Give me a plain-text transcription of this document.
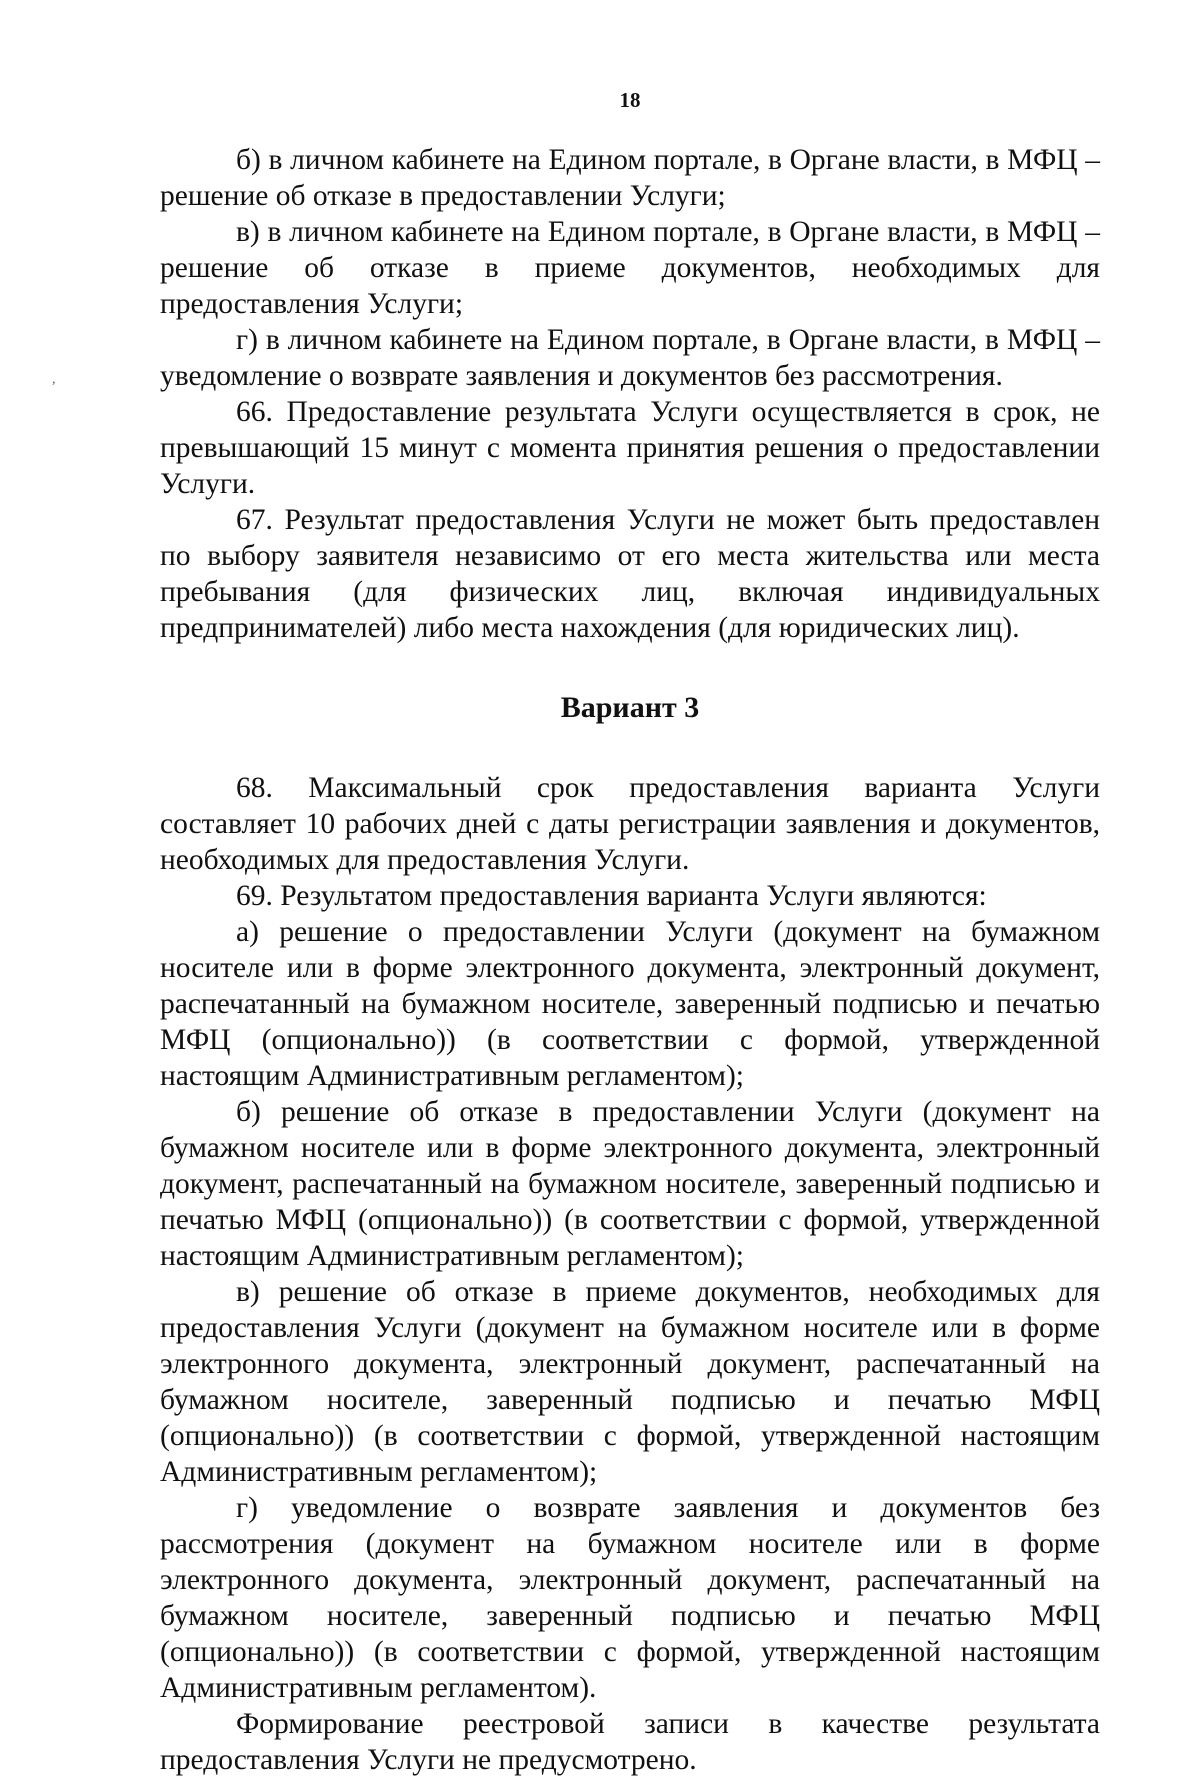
,
18

б) в личном кабинете на Едином портале, в Органе власти, в МФЦ – решение об отказе в предоставлении Услуги;

в) в личном кабинете на Едином портале, в Органе власти, в МФЦ – решение об отказе в приеме документов, необходимых для предоставления Услуги;

г) в личном кабинете на Едином портале, в Органе власти, в МФЦ – уведомление о возврате заявления и документов без рассмотрения.

66. Предоставление результата Услуги осуществляется в срок, не превышающий 15 минут с момента принятия решения о предоставлении Услуги.

67. Результат предоставления Услуги не может быть предоставлен по выбору заявителя независимо от его места жительства или места пребывания (для физических лиц, включая индивидуальных предпринимателей) либо места нахождения (для юридических лиц).

Вариант 3

68. Максимальный срок предоставления варианта Услуги составляет 10 рабочих дней с даты регистрации заявления и документов, необходимых для предоставления Услуги.

69. Результатом предоставления варианта Услуги являются:

а) решение о предоставлении Услуги (документ на бумажном носителе или в форме электронного документа, электронный документ, распечатанный на бумажном носителе, заверенный подписью и печатью МФЦ (опционально)) (в соответствии с формой, утвержденной настоящим Административным регламентом);

б) решение об отказе в предоставлении Услуги (документ на бумажном носителе или в форме электронного документа, электронный документ, распечатанный на бумажном носителе, заверенный подписью и печатью МФЦ (опционально)) (в соответствии с формой, утвержденной настоящим Административным регламентом);

в) решение об отказе в приеме документов, необходимых для предоставления Услуги (документ на бумажном носителе или в форме электронного документа, электронный документ, распечатанный на бумажном носителе, заверенный подписью и печатью МФЦ (опционально)) (в соответствии с формой, утвержденной настоящим Административным регламентом);

г) уведомление о возврате заявления и документов без рассмотрения (документ на бумажном носителе или в форме электронного документа, электронный документ, распечатанный на бумажном носителе, заверенный подписью и печатью МФЦ (опционально)) (в соответствии с формой, утвержденной настоящим Административным регламентом).

Формирование реестровой записи в качестве результата предоставления Услуги не предусмотрено.
